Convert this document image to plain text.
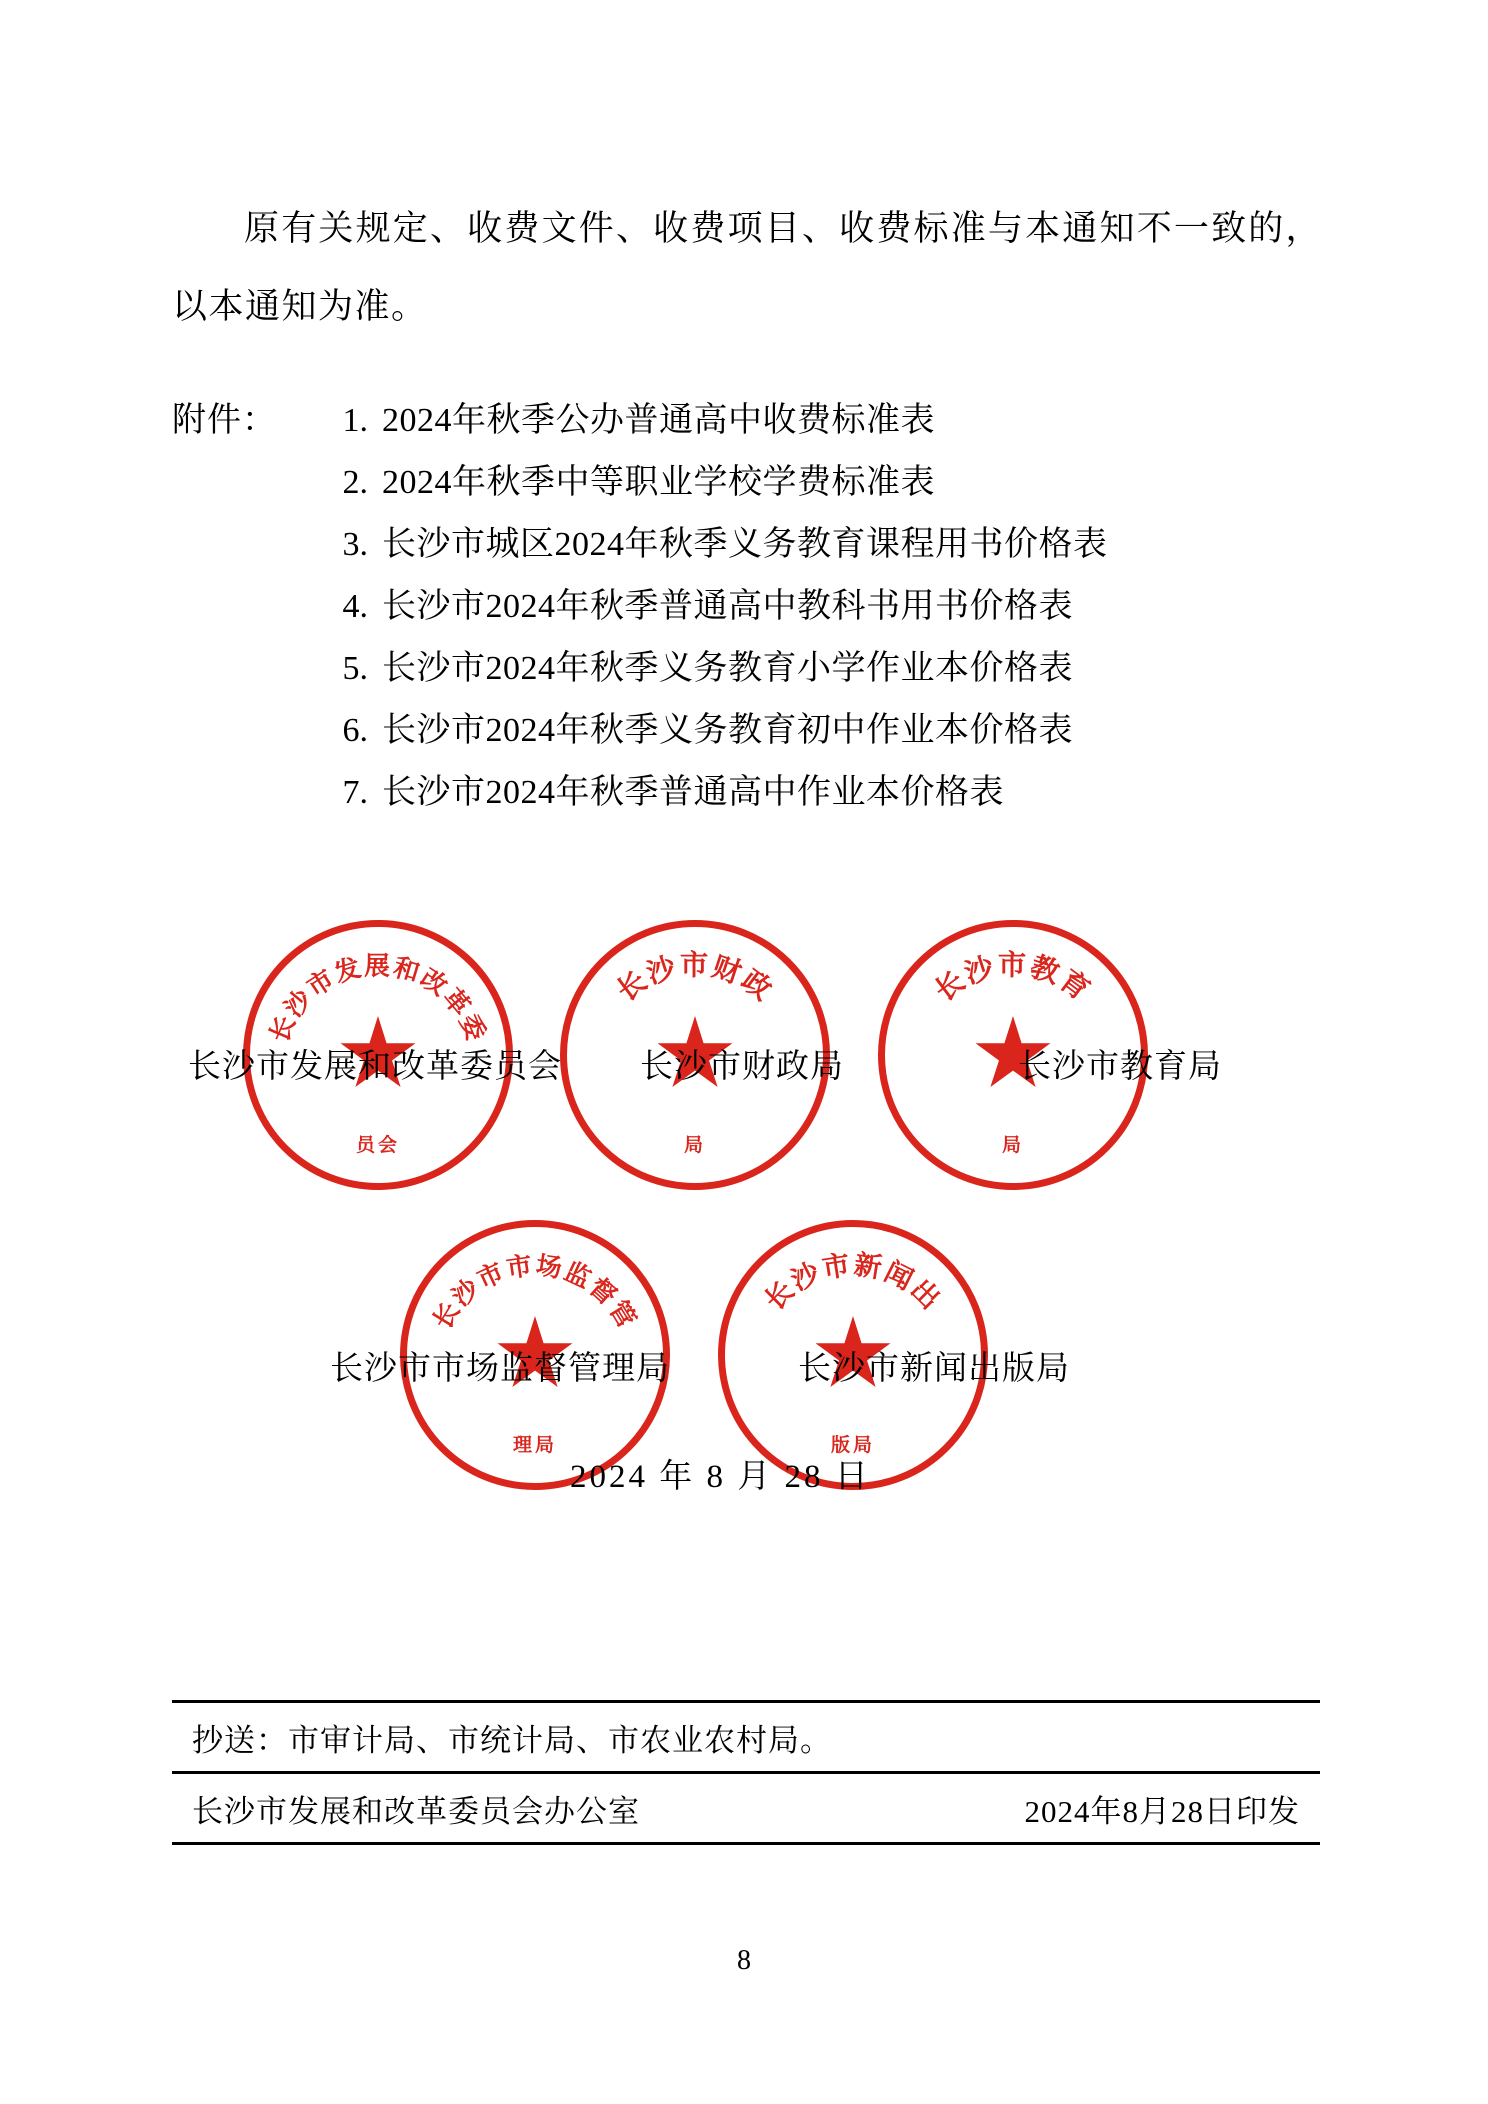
原有关规定、收费文件、收费项目、收费标准与本通知不一致的，以本通知为准。
附件：	1. 2024年秋季公办普通高中收费标准表
2. 2024年秋季中等职业学校学费标准表
3. 长沙市城区2024年秋季义务教育课程用书价格表
4. 长沙市2024年秋季普通高中教科书用书价格表
5. 长沙市2024年秋季义务教育小学作业本价格表
6. 长沙市2024年秋季义务教育初中作业本价格表
7. 长沙市2024年秋季普通高中作业本价格表
长沙市发展和改革委
员会
长沙市财政
局
长沙市教育
局
长沙市发展和改革委员会 长沙市财政局	长沙市教育局
长沙市市场监督管
理局
长沙市新闻出
版局
长沙市市场监督管理局	长沙市新闻出版局
2024 年 8 月 28 日
抄送：市审计局、市统计局、市农业农村局。
长沙市发展和改革委员会办公室	2024年8月28日印发
8
